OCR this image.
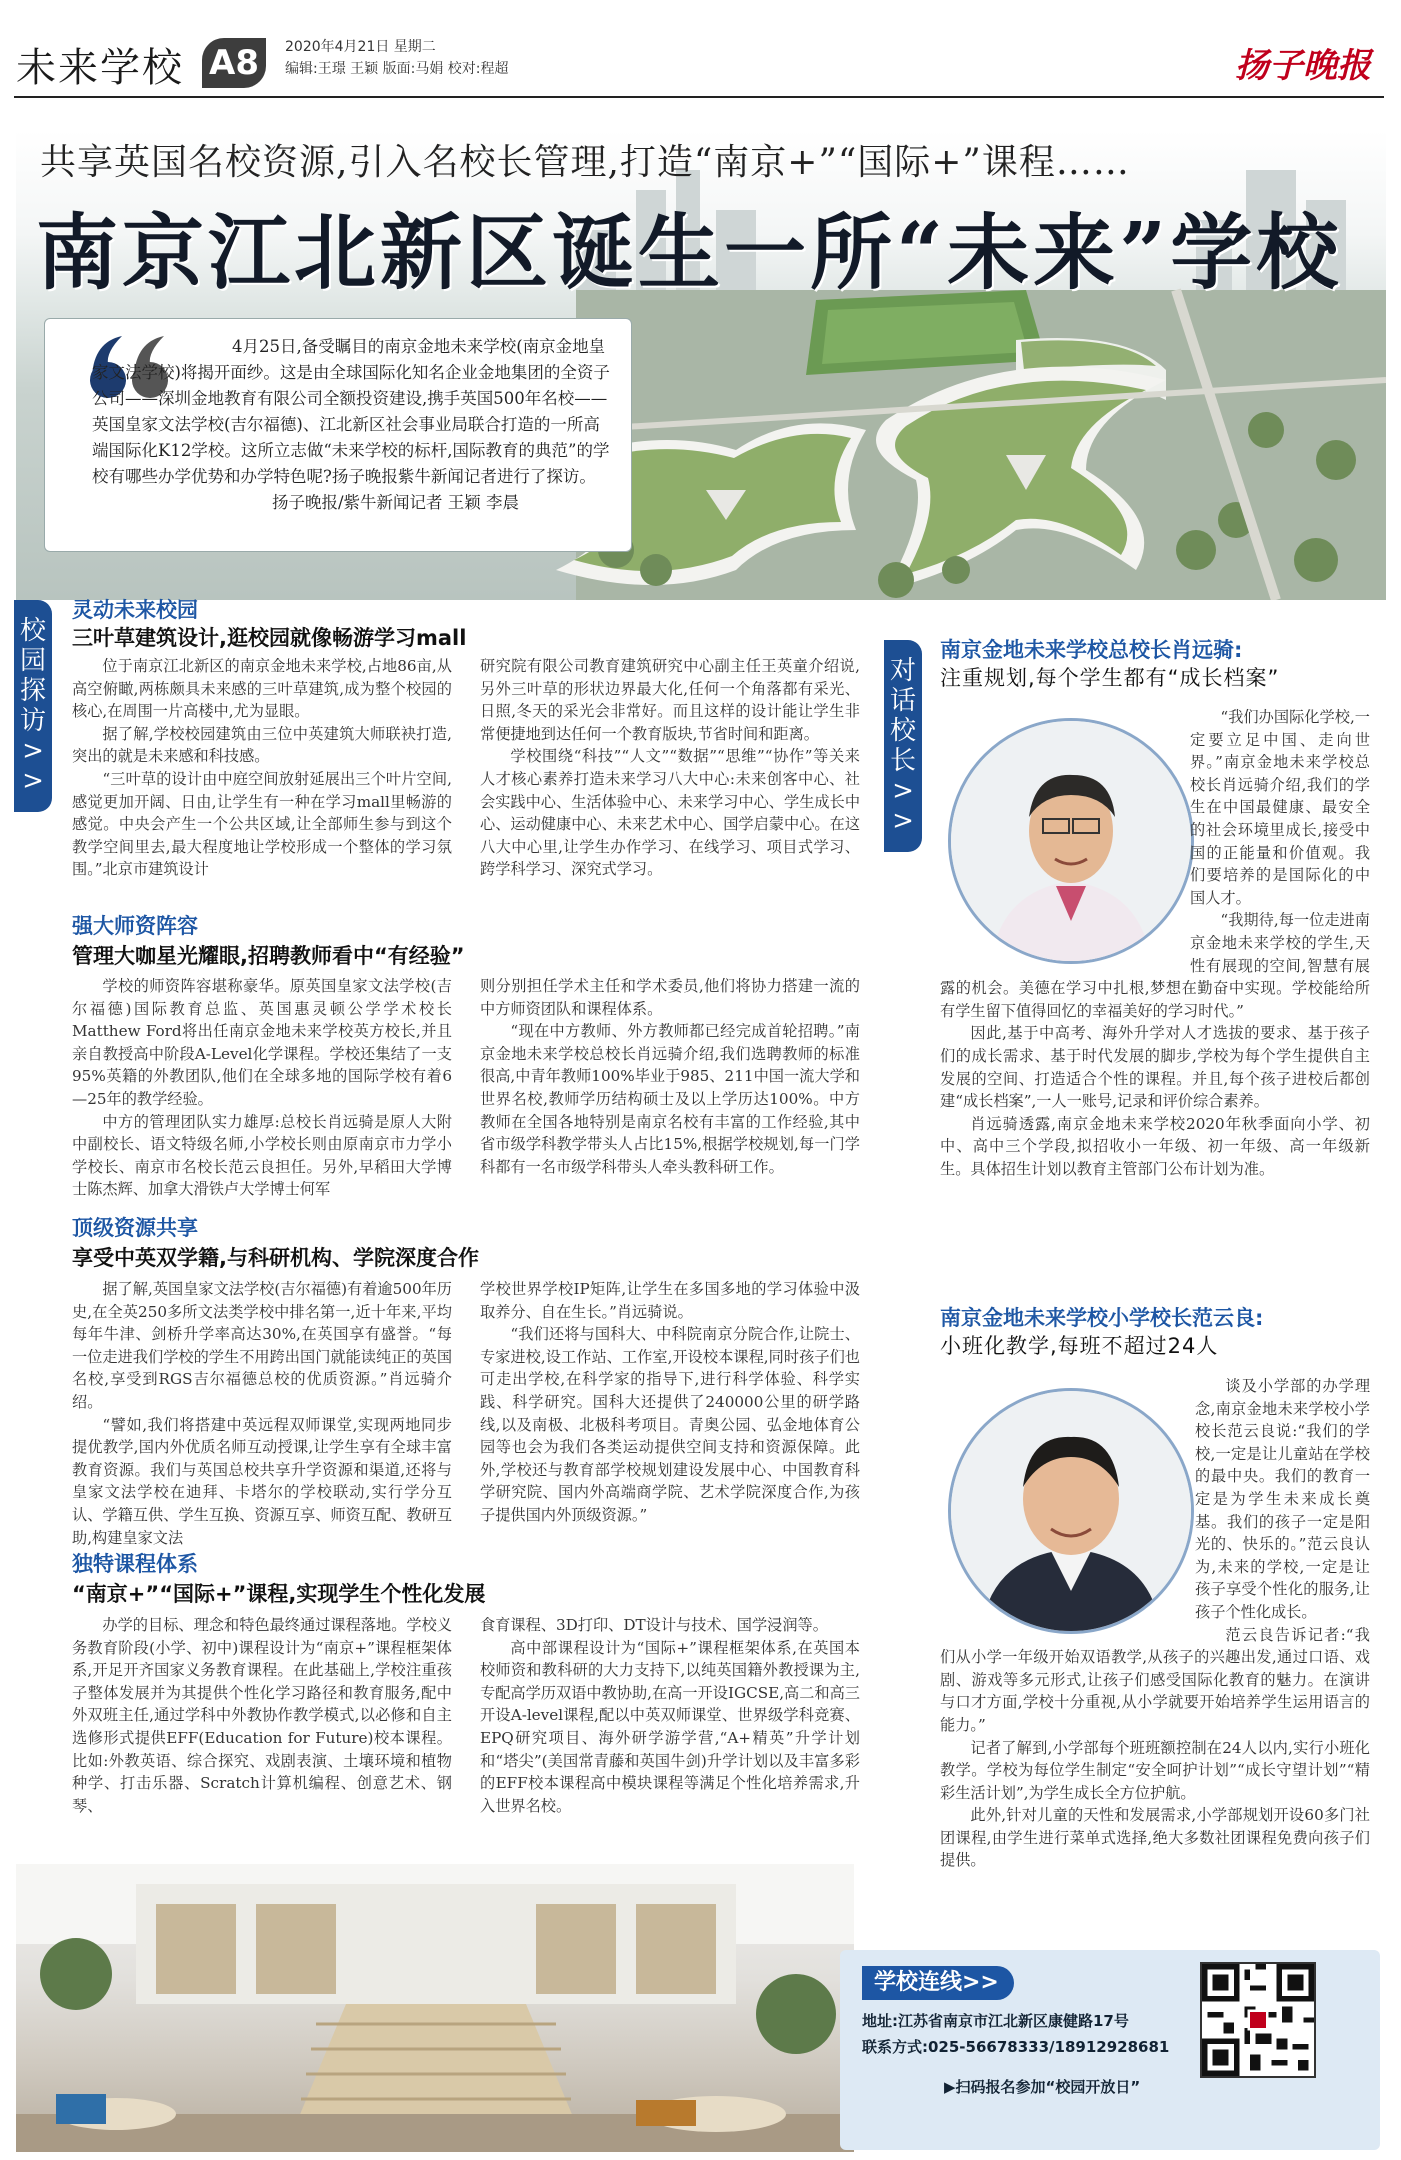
未来学校 A8	2020年4月21日 星期二
编辑:王璟 王颖 版面:马娟 校对:程超	扬子晚报
共享英国名校资源,引入名校长管理,打造“南京+”“国际+”课程……
南京江北新区诞生一所“未来”学校
4月25日,备受瞩目的南京金地未来学校(南京金地皇家文法学校)将揭开面纱。这是由全球国际化知名企业金地集团的全资子公司——深圳金地教育有限公司全额投资建设,携手英国500年名校——英国皇家文法学校(吉尔福德)、江北新区社会事业局联合打造的一所高端国际化K12学校。这所立志做“未来学校的标杆,国际教育的典范”的学校有哪些办学优势和办学特色呢?扬子晚报紫牛新闻记者进行了探访。
扬子晚报/紫牛新闻记者 王颖 李晨
校园探访>>
对话校长>>
灵动未来校园
三叶草建筑设计,逛校园就像畅游学习mall

位于南京江北新区的南京金地未来学校,占地86亩,从高空俯瞰,两栋颇具未来感的三叶草建筑,成为整个校园的核心,在周围一片高楼中,尤为显眼。

据了解,学校校园建筑由三位中英建筑大师联袂打造,突出的就是未来感和科技感。

“三叶草的设计由中庭空间放射延展出三个叶片空间,感觉更加开阔、日由,让学生有一种在学习mall里畅游的感觉。中央会产生一个公共区域,让全部师生参与到这个教学空间里去,最大程度地让学校形成一个整体的学习氛围。”北京市建筑设计

研究院有限公司教育建筑研究中心副主任王英童介绍说,另外三叶草的形状边界最大化,任何一个角落都有采光、日照,冬天的采光会非常好。而且这样的设计能让学生非常便捷地到达任何一个教育版块,节省时间和距离。

学校围绕“科技”“人文”“数据”“思维”“协作”等关来人才核心素养打造未来学习八大中心:未来创客中心、社会实践中心、生活体验中心、未来学习中心、学生成长中心、运动健康中心、未来艺术中心、国学启蒙中心。在这八大中心里,让学生办作学习、在线学习、项目式学习、跨学科学习、深究式学习。

强大师资阵容
管理大咖星光耀眼,招聘教师看中“有经验”

学校的师资阵容堪称豪华。原英国皇家文法学校(吉尔福德)国际教育总监、英国惠灵顿公学学术校长Matthew Ford将出任南京金地未来学校英方校长,并且亲自教授高中阶段A-Level化学课程。学校还集结了一支95%英籍的外教团队,他们在全球多地的国际学校有着6—25年的教学经验。

中方的管理团队实力雄厚:总校长肖远骑是原人大附中副校长、语文特级名师,小学校长则由原南京市力学小学校长、南京市名校长范云良担任。另外,早稻田大学博士陈杰辉、加拿大滑铁卢大学博士何军

则分别担任学术主任和学术委员,他们将协力搭建一流的中方师资团队和课程体系。

“现在中方教师、外方教师都已经完成首轮招聘。”南京金地未来学校总校长肖远骑介绍,我们选聘教师的标准很高,中青年教师100%毕业于985、211中国一流大学和世界名校,教师学历结构硕士及以上学历达100%。中方教师在全国各地特别是南京名校有丰富的工作经验,其中省市级学科教学带头人占比15%,根据学校规划,每一门学科都有一名市级学科带头人牵头教科研工作。

顶级资源共享
享受中英双学籍,与科研机构、学院深度合作

据了解,英国皇家文法学校(吉尔福德)有着逾500年历史,在全英250多所文法类学校中排名第一,近十年来,平均每年牛津、剑桥升学率高达30%,在英国享有盛誉。“每一位走进我们学校的学生不用跨出国门就能读纯正的英国名校,享受到RGS吉尔福德总校的优质资源。”肖远骑介绍。

“譬如,我们将搭建中英远程双师课堂,实现两地同步提优教学,国内外优质名师互动授课,让学生享有全球丰富教育资源。我们与英国总校共享升学资源和渠道,还将与皇家文法学校在迪拜、卡塔尔的学校联动,实行学分互认、学籍互供、学生互换、资源互享、师资互配、教研互助,构建皇家文法

学校世界学校IP矩阵,让学生在多国多地的学习体验中汲取养分、自在生长。”肖远骑说。

“我们还将与国科大、中科院南京分院合作,让院士、专家进校,设工作站、工作室,开设校本课程,同时孩子们也可走出学校,在科学家的指导下,进行科学体验、科学实践、科学研究。国科大还提供了240000公里的研学路线,以及南极、北极科考项目。青奥公园、弘金地体育公园等也会为我们各类运动提供空间支持和资源保障。此外,学校还与教育部学校规划建设发展中心、中国教育科学研究院、国内外高端商学院、艺术学院深度合作,为孩子提供国内外顶级资源。”

独特课程体系
“南京+”“国际+”课程,实现学生个性化发展

办学的目标、理念和特色最终通过课程落地。学校义务教育阶段(小学、初中)课程设计为“南京+”课程框架体系,开足开齐国家义务教育课程。在此基础上,学校注重孩子整体发展并为其提供个性化学习路径和教育服务,配中外双班主任,通过学科中外教协作教学模式,以必修和自主选修形式提供EFF(Education for Future)校本课程。比如:外教英语、综合探究、戏剧表演、土壤环境和植物种学、打击乐器、Scratch计算机编程、创意艺术、钢琴、

食育课程、3D打印、DT设计与技术、国学浸润等。

高中部课程设计为“国际+”课程框架体系,在英国本校师资和教科研的大力支持下,以纯英国籍外教授课为主,专配高学历双语中教协助,在高一开设IGCSE,高二和高三开设A-level课程,配以中英双师课堂、世界级学科竞赛、EPQ研究项目、海外研学游学营,“A+精英”升学计划和“塔尖”(美国常青藤和英国牛剑)升学计划以及丰富多彩的EFF校本课程高中模块课程等满足个性化培养需求,升入世界名校。

南京金地未来学校总校长肖远骑:
注重规划,每个学生都有“成长档案”

“我们办国际化学校,一定要立足中国、走向世界。”南京金地未来学校总校长肖远骑介绍,我们的学生在中国最健康、最安全的社会环境里成长,接受中国的正能量和价值观。我们要培养的是国际化的中国人才。

“我期待,每一位走进南京金地未来学校的学生,天性有展现的空间,智慧有展露的机会。美德在学习中扎根,梦想在勤奋中实现。学校能给所有学生留下值得回忆的幸福美好的学习时代。”

因此,基于中高考、海外升学对人才选拔的要求、基于孩子们的成长需求、基于时代发展的脚步,学校为每个学生提供自主发展的空间、打造适合个性的课程。并且,每个孩子进校后都创建“成长档案”,一人一账号,记录和评价综合素养。

肖远骑透露,南京金地未来学校2020年秋季面向小学、初中、高中三个学段,拟招收小一年级、初一年级、高一年级新生。具体招生计划以教育主管部门公布计划为准。

南京金地未来学校小学校长范云良:
小班化教学,每班不超过24人

谈及小学部的办学理念,南京金地未来学校小学校长范云良说:“我们的学校,一定是让儿童站在学校的最中央。我们的教育一定是为学生未来成长奠基。我们的孩子一定是阳光的、快乐的。”范云良认为,未来的学校,一定是让孩子享受个性化的服务,让孩子个性化成长。

范云良告诉记者:“我们从小学一年级开始双语教学,从孩子的兴趣出发,通过口语、戏剧、游戏等多元形式,让孩子们感受国际化教育的魅力。在演讲与口才方面,学校十分重视,从小学就要开始培养学生运用语言的能力。”

记者了解到,小学部每个班班额控制在24人以内,实行小班化教学。学校为每位学生制定“安全呵护计划”“成长守望计划”“精彩生活计划”,为学生成长全方位护航。

此外,针对儿童的天性和发展需求,小学部规划开设60多门社团课程,由学生进行菜单式选择,绝大多数社团课程免费向孩子们提供。

学校连线>>
地址:江苏省南京市江北新区康健路17号
联系方式:025-56678333/18912928681
▶扫码报名参加“校园开放日”
